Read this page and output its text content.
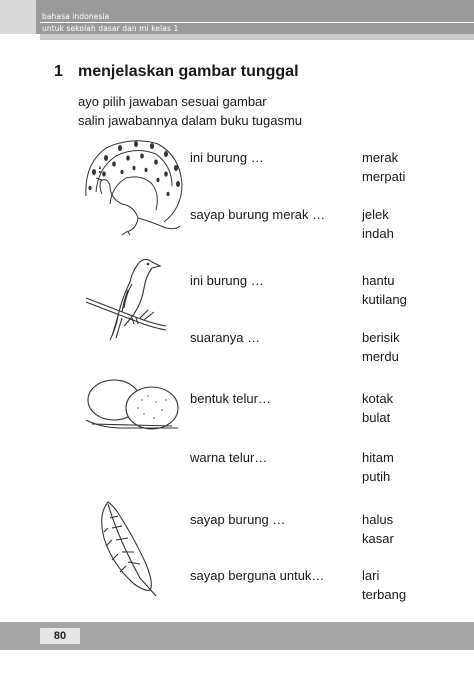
bahasa indonesia
untuk sekolah dasar dan mi kelas 1
1 menjelaskan gambar tunggal
ayo pilih jawaban sesuai gambar
salin jawabannya dalam buku tugasmu
ini burung …	merak
merpati
sayap burung merak …	jelek
indah
ini burung …	hantu
kutilang
suaranya …	berisik
merdu
bentuk telur…	kotak
bulat
warna telur…	hitam
putih
sayap burung …	halus
kasar
sayap berguna untuk…	lari
terbang
80
